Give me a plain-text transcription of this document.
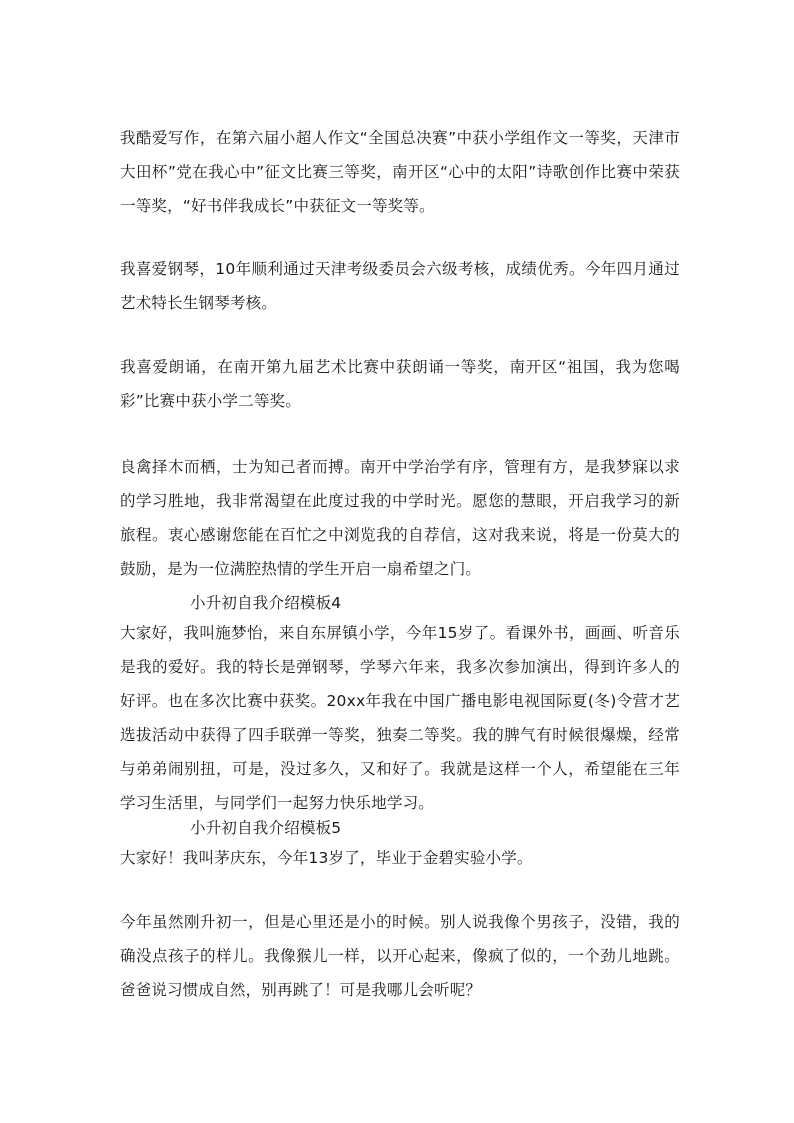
我酷爱写作，在第六届小超人作文“全国总决赛”中获小学组作文一等奖，天津市大田杯”党在我心中”征文比赛三等奖，南开区“心中的太阳”诗歌创作比赛中荣获一等奖，“好书伴我成长”中获征文一等奖等。

我喜爱钢琴，10年顺利通过天津考级委员会六级考核，成绩优秀。今年四月通过艺术特长生钢琴考核。

我喜爱朗诵，在南开第九届艺术比赛中获朗诵一等奖，南开区“祖国，我为您喝彩”比赛中获小学二等奖。

良禽择木而栖，士为知己者而搏。南开中学治学有序，管理有方，是我梦寐以求的学习胜地，我非常渴望在此度过我的中学时光。愿您的慧眼，开启我学习的新旅程。衷心感谢您能在百忙之中浏览我的自荐信，这对我来说，将是一份莫大的鼓励，是为一位满腔热情的学生开启一扇希望之门。

小升初自我介绍模板4

大家好，我叫施梦怡，来自东屏镇小学，今年15岁了。看课外书，画画、听音乐是我的爱好。我的特长是弹钢琴，学琴六年来，我多次参加演出，得到许多人的好评。也在多次比赛中获奖。20xx年我在中国广播电影电视国际夏(冬)令营才艺选拔活动中获得了四手联弹一等奖，独奏二等奖。我的脾气有时候很爆燥，经常与弟弟闹别扭，可是，没过多久，又和好了。我就是这样一个人，希望能在三年学习生活里，与同学们一起努力快乐地学习。

小升初自我介绍模板5

大家好！我叫茅庆东，今年13岁了，毕业于金碧实验小学。

今年虽然刚升初一，但是心里还是小的时候。别人说我像个男孩子，没错，我的确没点孩子的样儿。我像猴儿一样，以开心起来，像疯了似的，一个劲儿地跳。爸爸说习惯成自然，别再跳了！可是我哪儿会听呢？
